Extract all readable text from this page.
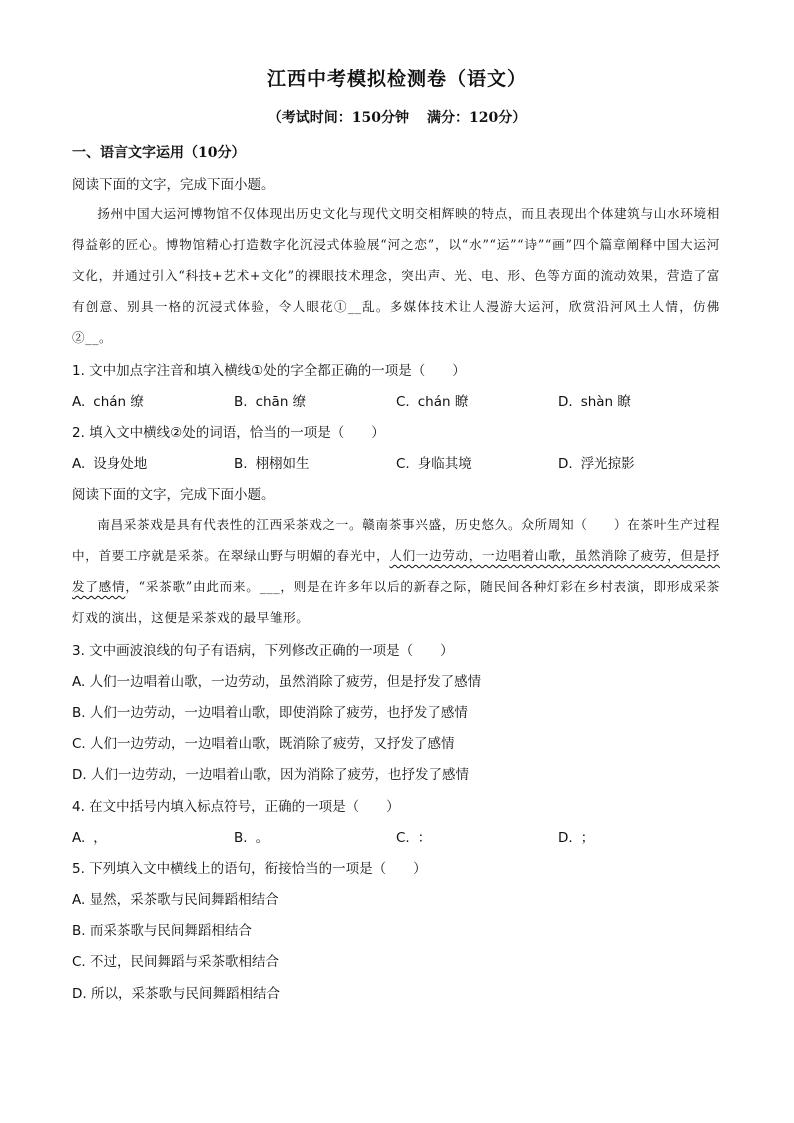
江西中考模拟检测卷（语文）
（考试时间：150分钟 满分：120分）
一、语言文字运用（10分）
阅读下面的文字，完成下面小题。
扬州中国大运河博物馆不仅体现出历史文化与现代文明交相辉映的特点，而且表现出个体建筑与山水环境相得益彰的匠心。博物馆精心打造数字化沉浸式体验展“河之恋”，以“水”“运”“诗”“画”四个篇章阐释中国大运河文化，并通过引入“科技+艺术+文化”的裸眼技术理念，突出声、光、电、形、色等方面的流动效果，营造了富有创意、别具一格的沉浸式体验，令人眼花①__乱。多媒体技术让人漫游大运河，欣赏沿河风土人情，仿佛②__。
1. 文中加点字注音和填入横线①处的字全都正确的一项是（　　）
A. chán 缭	B. chān 缭	C. chán 瞭	D. shàn 瞭
2. 填入文中横线②处的词语，恰当的一项是（　　）
A. 设身处地	B. 栩栩如生	C. 身临其境	D. 浮光掠影
阅读下面的文字，完成下面小题。
南昌采茶戏是具有代表性的江西采茶戏之一。赣南茶事兴盛，历史悠久。众所周知（　　）在茶叶生产过程中，首要工序就是采茶。在翠绿山野与明媚的春光中，人们一边劳动，一边唱着山歌，虽然消除了疲劳，但是抒发了感情，“采茶歌”由此而来。___，则是在许多年以后的新春之际，随民间各种灯彩在乡村表演，即形成采茶灯戏的演出，这便是采茶戏的最早雏形。
3. 文中画波浪线的句子有语病，下列修改正确的一项是（　　）
A. 人们一边唱着山歌，一边劳动，虽然消除了疲劳，但是抒发了感情
B. 人们一边劳动，一边唱着山歌，即使消除了疲劳，也抒发了感情
C. 人们一边劳动，一边唱着山歌，既消除了疲劳，又抒发了感情
D. 人们一边劳动，一边唱着山歌，因为消除了疲劳，也抒发了感情
4. 在文中括号内填入标点符号，正确的一项是（　　）
A. ，	B. 。	C. ：	D. ；
5. 下列填入文中横线上的语句，衔接恰当的一项是（　　）
A. 显然，采茶歌与民间舞蹈相结合
B. 而采茶歌与民间舞蹈相结合
C. 不过，民间舞蹈与采茶歌相结合
D. 所以，采茶歌与民间舞蹈相结合
